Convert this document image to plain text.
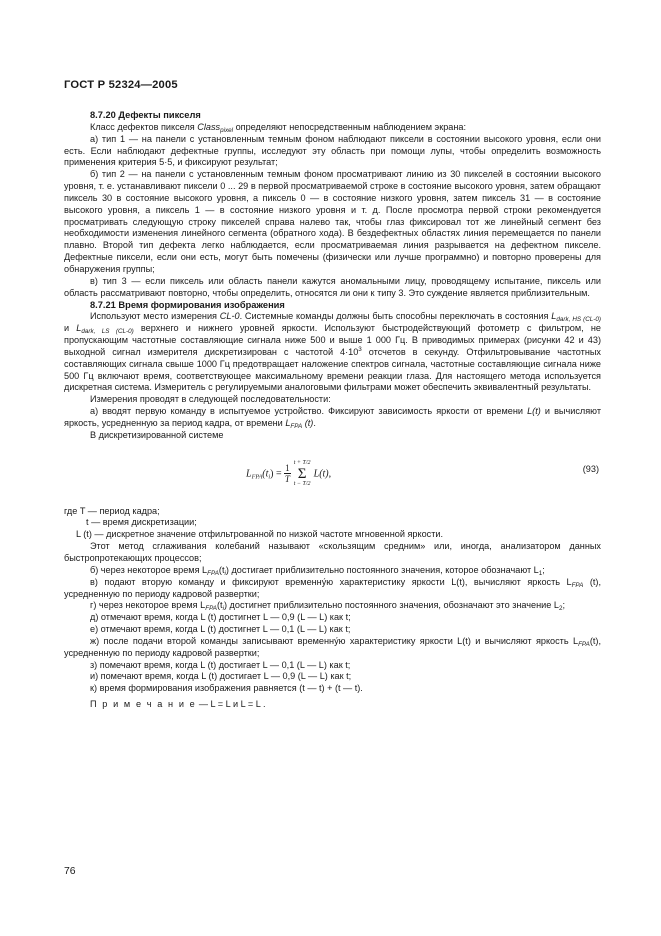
ГОСТ Р 52324—2005
8.7.20 Дефекты пикселя

Класс дефектов пикселя Class$_{pixel}$ определяют непосредственным наблюдением экрана:

а) тип 1 — на панели с установленным темным фоном наблюдают пиксели в состоянии высокого уровня, если они есть. Если наблюдают дефектные группы, исследуют эту область при помощи лупы, чтобы определить возможность применения критерия 5·5, и фиксируют результат;

б) тип 2 — на панели с установленным темным фоном просматривают линию из 30 пикселей в состоянии высокого уровня, т. е. устанавливают пиксели 0 ... 29 в первой просматриваемой строке в состояние высокого уровня, затем обращают пиксель 30 в состояние высокого уровня, а пиксель 0 — в состояние низкого уровня, затем пиксель 31 — в состояние высокого уровня, а пиксель 1 — в состояние низкого уровня и т. д. После просмотра первой строки рекомендуется просматривать следующую строку пикселей справа налево так, чтобы глаз фиксировал тот же линейный сегмент без необходимости изменения линейного сегмента (обратного хода). В бездефектных областях линия перемещается по панели плавно. Второй тип дефекта легко наблюдается, если просматриваемая линия разрывается на дефектном пикселе. Дефектные пиксели, если они есть, могут быть помечены (физически или лучше программно) и повторно проверены для обнаружения группы;

в) тип 3 — если пиксель или область панели кажутся аномальными лицу, проводящему испытание, пиксель или область рассматривают повторно, чтобы определить, относятся ли они к типу 3. Это суждение является приблизительным.

8.7.21 Время формирования изображения

Используют место измерения CL-0. Системные команды должны быть способны переключать в состояния $L_{dark, HS (CL-0)}$ и $L_{dark, LS (CL-0)}$ верхнего и нижнего уровней яркости. Используют быстродействующий фотометр с фильтром, не пропускающим частотные составляющие сигнала ниже 500 и выше 1 000 Гц. В приводимых примерах (рисунки 42 и 43) выходной сигнал измерителя дискретизирован с частотой $4\cdot 10^3$ отсчетов в секунду. Отфильтровывание частотных составляющих сигнала свыше 1000 Гц предотвращает наложение спектров сигнала, частотные составляющие сигнала ниже 500 Гц включают время, соответствующее максимальному времени реакции глаза. Для настоящего метода используется дискретная система. Измеритель с регулируемыми аналоговыми фильтрами может обеспечить эквивалентный результаты.

Измерения проводят в следующей последовательности:

а) вводят первую команду в испытуемое устройство. Фиксируют зависимость яркости от времени L(t) и вычисляют яркость, усредненную за период кадра, от времени $L_{FPA}$ (t).

В дискретизированной системе

$L_{FPA}(t_i) = \frac{1}{T}$

t + T/2
Σ
t − T/2
L(t),	(93)

где T — период кадра;

t — время дискретизации;

L (t) — дискретное значение отфильтрованной по низкой частоте мгновенной яркости.

Этот метод сглаживания колебаний называют «скользящим средним» или, иногда, анализатором данных быстропротекающих процессов;

б) через некоторое время $L_{FPA}(t_i)$ достигает приблизительно постоянного значения, которое обозначают $L_1$;

в) подают вторую команду и фиксируют временну́ю характеристику яркости L(t), вычисляют яркость $L_{FPA}$ (t), усредненную по периоду кадровой развертки;

г) через некоторое время $L_{FPA}(t_i)$ достигнет приблизительно постоянного значения, обозначают это значение $L_2$;

д) отмечают время, когда L (t) достигнет L — 0,9 (L — L) как t;

е) отмечают время, когда L (t) достигнет L — 0,1 (L — L) как t;

ж) после подачи второй команды записывают временну́ю характеристику яркости L(t) и вычисляют яркость $L_{FPA}(t)$, усредненную по периоду кадровой развертки;

з) помечают время, когда L (t) достигает L — 0,1 (L — L) как t;

и) помечают время, когда L (t) достигает L — 0,9 (L — L) как t;

к) время формирования изображения равняется (t — t) + (t — t).

П р и м е ч а н и е — L = L и L = L .

76
